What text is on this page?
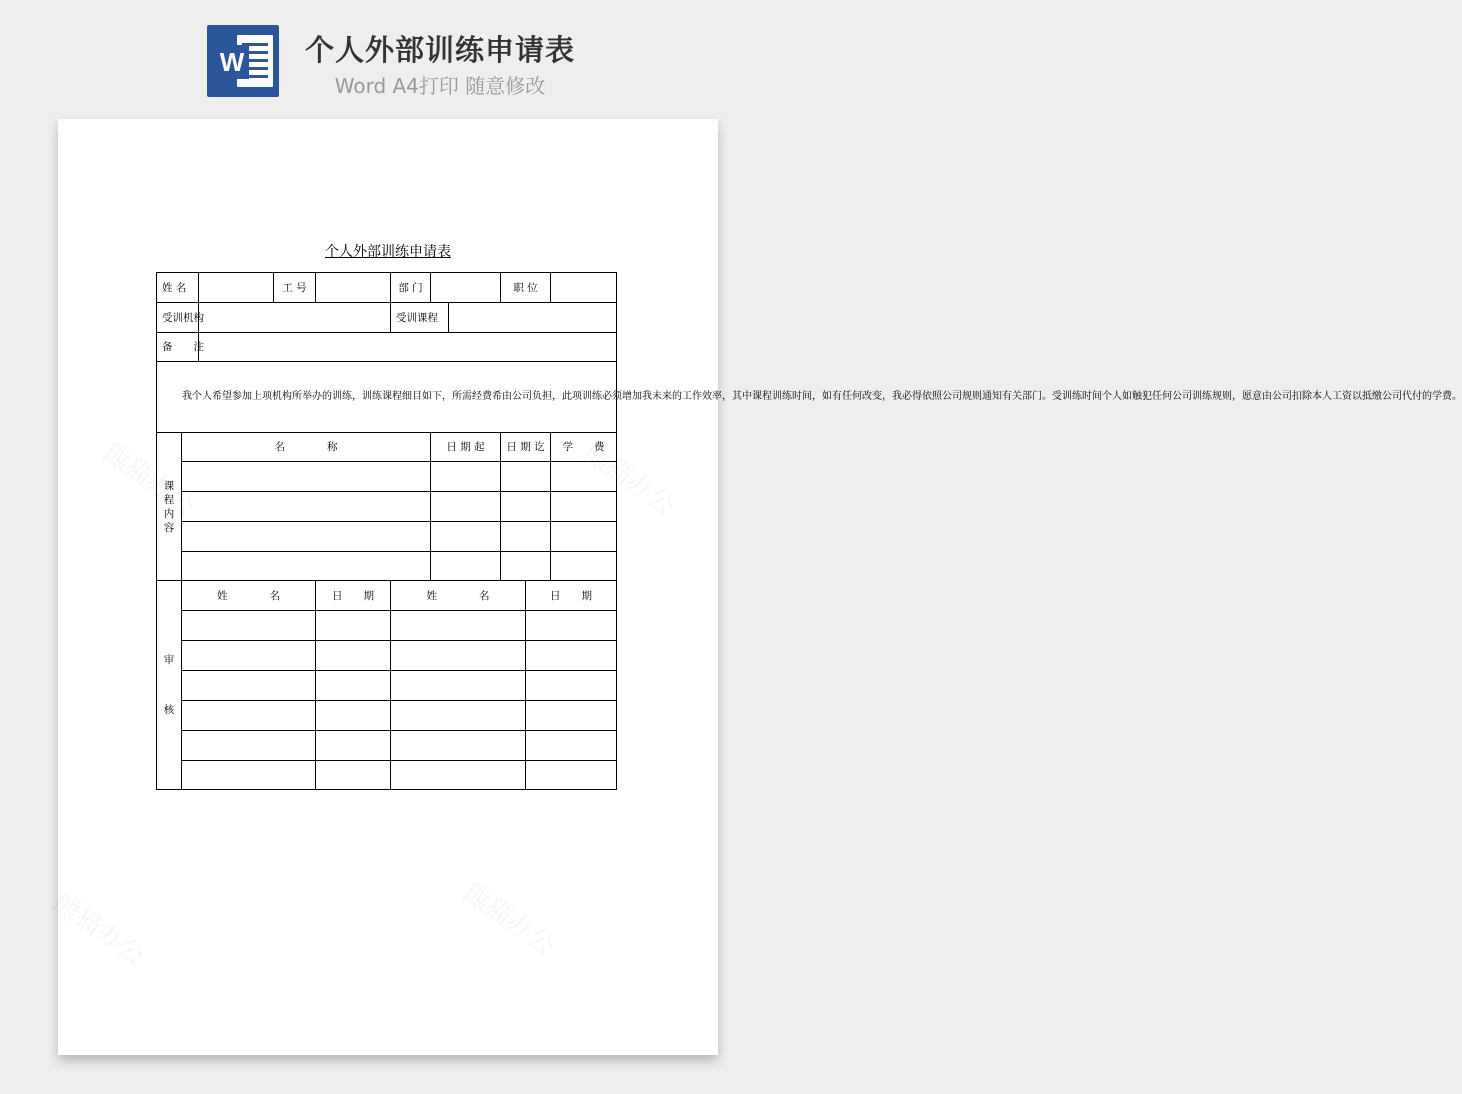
W 个人外部训练申请表
Word A4打印 随意修改
个人外部训练申请表
姓 名			工 号		部 门			职 位		
受训机构					受训课程					
备　　注										
我个人希望参加上项机构所举办的训练，训练课程细目如下，所需经费希由公司负担，此项训练必须增加我未来的工作效率，其中课程训练时间，如有任何改变，我必得依照公司规则通知有关部门。受训练时间个人如触犯任何公司训练规则，愿意由公司扣除本人工资以抵缴公司代付的学费。										

课
程
内
容	名　　　　称					日 期 起		日 期 讫		学　　费

审
核	姓　　　　名			日　　期	姓　　　　名				日　　期	
